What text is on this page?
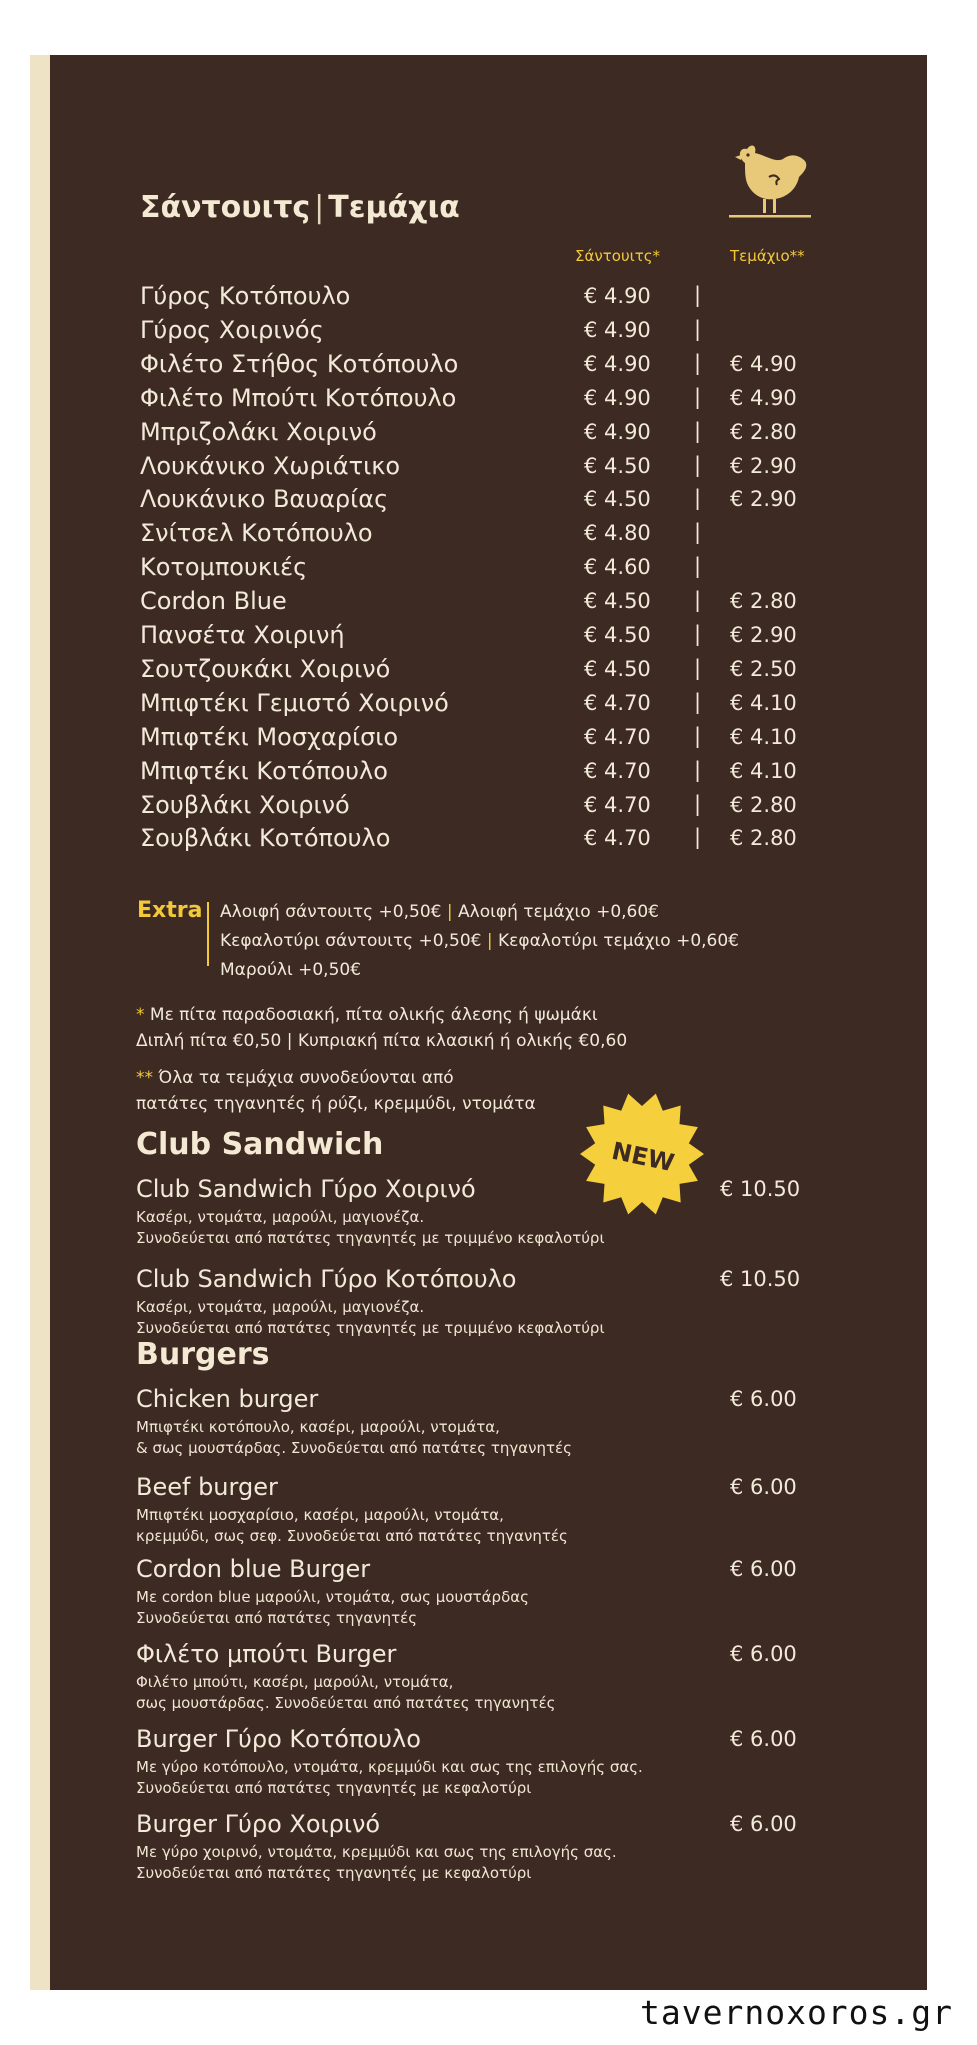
Σάντουιτς | Τεμάχια
Σάντουιτς*	Τεμάχιο**
Γύρος Κοτόπουλο	€ 4.90 |
Γύρος Χοιρινός	€ 4.90 |
Φιλέτο Στήθος Κοτόπουλο	€ 4.90 | € 4.90
Φιλέτο Μπούτι Κοτόπουλο	€ 4.90 | € 4.90
Μπριζολάκι Χοιρινό	€ 4.90 | € 2.80
Λουκάνικο Χωριάτικο	€ 4.50 | € 2.90
Λουκάνικο Βαυαρίας	€ 4.50 | € 2.90
Σνίτσελ Κοτόπουλο	€ 4.80 |
Κοτομπουκιές	€ 4.60 |
Cordon Blue	€ 4.50 | € 2.80
Πανσέτα Χοιρινή	€ 4.50 | € 2.90
Σουτζουκάκι Χοιρινό	€ 4.50 | € 2.50
Μπιφτέκι Γεμιστό Χοιρινό	€ 4.70 | € 4.10
Μπιφτέκι Μοσχαρίσιο	€ 4.70 | € 4.10
Μπιφτέκι Κοτόπουλο	€ 4.70 | € 4.10
Σουβλάκι Χοιρινό	€ 4.70 | € 2.80
Σουβλάκι Κοτόπουλο	€ 4.70 | € 2.80
Extra Αλοιφή σάντουιτς +0,50€ | Αλοιφή τεμάχιο +0,60€
Κεφαλοτύρι σάντουιτς +0,50€ | Κεφαλοτύρι τεμάχιο +0,60€
Μαρούλι +0,50€
* Με πίτα παραδοσιακή, πίτα ολικής άλεσης ή ψωμάκι
Διπλή πίτα €0,50 | Κυπριακή πίτα κλασική ή ολικής €0,60
** Όλα τα τεμάχια συνοδεύονται από
πατάτες τηγανητές ή ρύζι, κρεμμύδι, ντομάτα
Club Sandwich	NEW
Club Sandwich Γύρο Χοιρινό	€ 10.50
Κασέρι, ντομάτα, μαρούλι, μαγιονέζα.
Συνοδεύεται από πατάτες τηγανητές με τριμμένο κεφαλοτύρι
Club Sandwich Γύρο Κοτόπουλο	€ 10.50
Κασέρι, ντομάτα, μαρούλι, μαγιονέζα.
Συνοδεύεται από πατάτες τηγανητές με τριμμένο κεφαλοτύρι
Burgers
Chicken burger	€ 6.00
Μπιφτέκι κοτόπουλο, κασέρι, μαρούλι, ντομάτα,
& σως μουστάρδας. Συνοδεύεται από πατάτες τηγανητές
Beef burger	€ 6.00
Μπιφτέκι μοσχαρίσιο, κασέρι, μαρούλι, ντομάτα,
κρεμμύδι, σως σεφ. Συνοδεύεται από πατάτες τηγανητές
Cordon blue Burger	€ 6.00
Με cordon blue μαρούλι, ντομάτα, σως μουστάρδας
Συνοδεύεται από πατάτες τηγανητές
Φιλέτο μπούτι Burger	€ 6.00
Φιλέτο μπούτι, κασέρι, μαρούλι, ντομάτα,
σως μουστάρδας. Συνοδεύεται από πατάτες τηγανητές
Burger Γύρο Κοτόπουλο	€ 6.00
Με γύρο κοτόπουλο, ντομάτα, κρεμμύδι και σως της επιλογής σας.
Συνοδεύεται από πατάτες τηγανητές με κεφαλοτύρι
Burger Γύρο Χοιρινό	€ 6.00
Με γύρο χοιρινό, ντομάτα, κρεμμύδι και σως της επιλογής σας.
Συνοδεύεται από πατάτες τηγανητές με κεφαλοτύρι
tavernoxoros.gr
